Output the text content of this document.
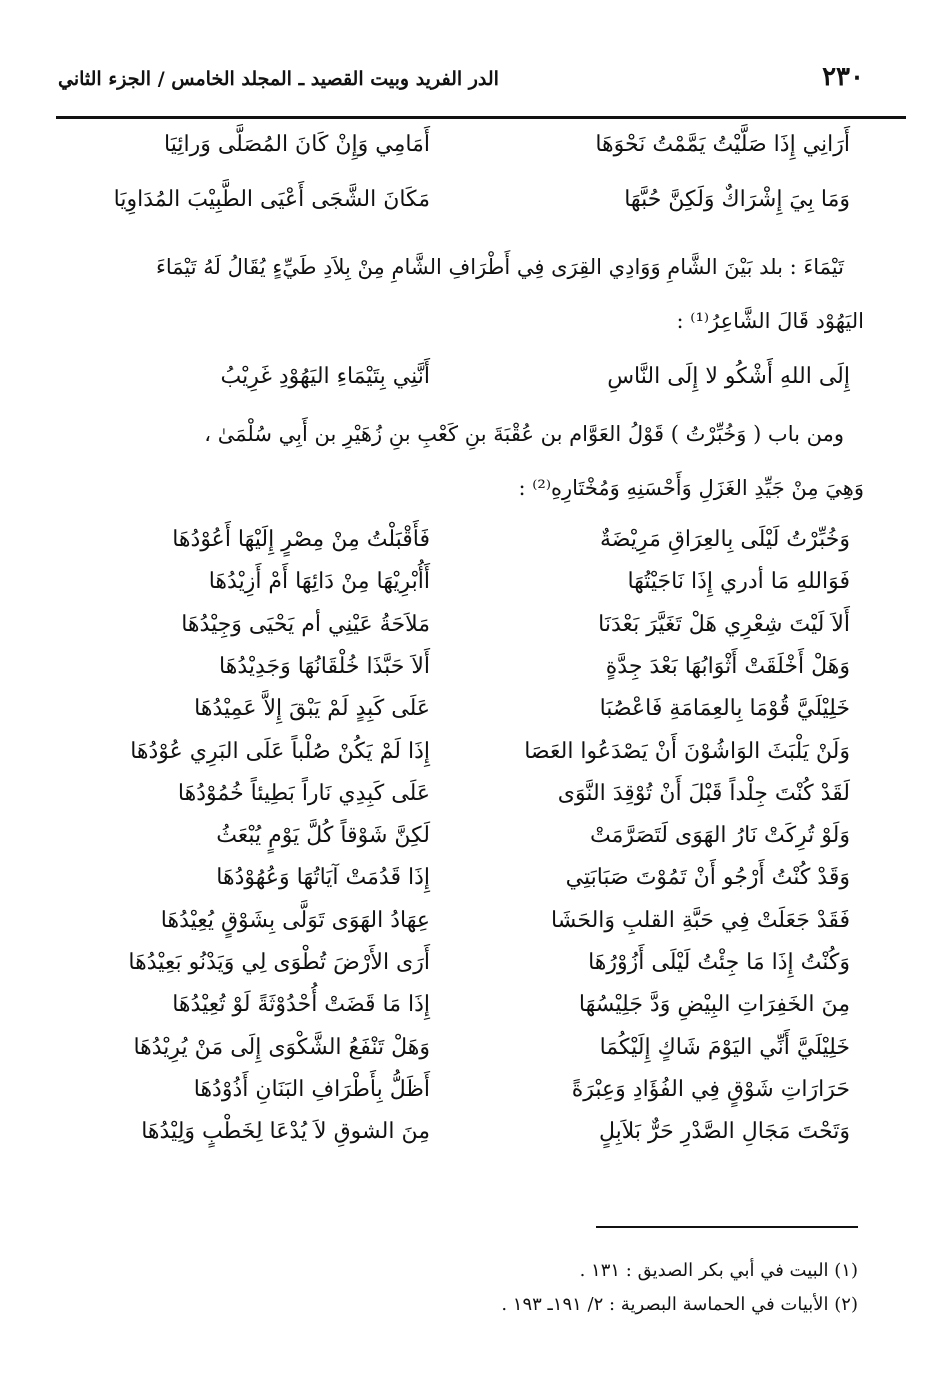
٢٣٠
الدر الفريد وبيت القصيد ـ المجلد الخامس / الجزء الثاني
أَرَانِي إِذَا صَلَّيْتُ يَمَّمْتُ نَحْوَهَا
أَمَامِي وَإِنْ كَانَ المُصَلَّى وَرائِيَا
وَمَا بِيَ إِشْرَاكٌ وَلَكِنَّ حُبَّهَا
مَكَانَ الشَّجَى أَعْيَى الطَّبِيْبَ المُدَاوِيَا

تَيْمَاءَ : بلد بَيْنَ الشَّامِ وَوَادِي القِرَى فِي أَطْرَافِ الشَّامِ مِنْ بِلاَدِ طَيِّءٍ يُقَالُ لَهُ تَيْمَاءَ

اليَهُوْد قَالَ الشَّاعِرُ⁽¹⁾ :

إِلَى اللهِ أَشْكُو لا إِلَى النَّاسِ
أَنَّنِي بِتَيْمَاءِ اليَهُوْدِ غَرِيْبُ

ومن باب ( وَخُبِّرْتُ ) قَوْلُ العَوَّام بن عُقْبَةَ بنِ كَعْبِ بنِ زُهَيْرِ بن أَبِي سُلْمَىٰ ،

وَهِيَ مِنْ جَيِّدِ الغَزَلِ وَأَحْسَنِهِ وَمُخْتَارِهِ⁽²⁾ :

وَخُبِّرْتُ لَيْلَى بِالعِرَاقِ مَرِيْضَةٌ
فَأَقْبَلْتُ مِنْ مِصْرٍ إِلَيْهَا أَعُوْدُهَا
فَوَاللهِ مَا أدري إِذَا نَاجَيْتُهَا
أَأُبْرِيْهَا مِنْ دَائِهَا أَمْ أَزِيْدُهَا
أَلاَ لَيْتَ شِعْرِي هَلْ تَغَيَّرَ بَعْدَنَا
مَلاَحَةُ عَيْنِي أم يَحْيَى وَجِيْدُهَا
وَهَلْ أَخْلَقَتْ أَثْوَابُهَا بَعْدَ جِدَّةٍ
أَلاَ حَبَّذَا خُلْقَانُهَا وَجَدِيْدُهَا
خَلِيْلَيَّ قُوْمَا بِالعِمَامَةِ فَاعْصُبَا
عَلَى كَبِدٍ لَمْ يَبْقَ إِلاَّ عَمِيْدُهَا
وَلَنْ يَلْبَثَ الوَاشُوْنَ أَنْ يَصْدَعُوا العَصَا
إِذَا لَمْ يَكُنْ صُلْباً عَلَى البَرِي عُوْدُهَا
لَقَدْ كُنْتَ جِلْداً قَبْلَ أَنْ تُوْقِدَ النَّوَى
عَلَى كَبِدِي نَاراً بَطِيئاً خُمُوْدُهَا
وَلَوْ تُرِكَتْ نَارُ الهَوَى لَتَصَرَّمَتْ
لَكِنَّ شَوْقاً كُلَّ يَوْمٍ يُبْعَثُ
وَقَدْ كُنْتُ أَرْجُو أَنْ تَمُوْتَ صَبَابَتِي
إِذَا قَدُمَتْ آيَاتُهَا وَعُهُوْدُهَا
فَقَدْ جَعَلَتْ فِي حَبَّةِ القلبِ وَالحَشَا
عِهَادُ الهَوَى تَوَلَّى بِشَوْقٍ يُعِيْدُهَا
وَكُنْتُ إِذَا مَا جِئْتُ لَيْلَى أَزُوْرُهَا
أَرَى الأَرْضَ تُطْوَى لِي وَيَدْنُو بَعِيْدُهَا
مِنَ الخَفِرَاتِ البِيْضِ وَدَّ جَلِيْسُهَا
إِذَا مَا قَضَتْ أُحْدُوْثَةً لَوْ تُعِيْدُهَا
خَلِيْلَيَّ أَنِّي اليَوْمَ شَاكٍ إِلَيْكُمَا
وَهَلْ تَنْفَعُ الشَّكْوَى إِلَى مَنْ يُرِيْدُهَا
حَرَارَاتِ شَوْقٍ فِي الفُؤَادِ وَعِبْرَةً
أَظَلُّ بِأَطْرَافِ البَنَانِ أَذُوْدُهَا
وَتَحْتَ مَجَالِ الصَّدْرِ حَرٌّ بَلاَبِلٍ
مِنَ الشوقِ لاَ يُدْعَا لِخَطْبٍ وَلِيْدُهَا
(١) البيت في أبي بكر الصديق : ١٣١ .
(٢) الأبيات في الحماسة البصرية : ٢/ ١٩١ـ ١٩٣ .
